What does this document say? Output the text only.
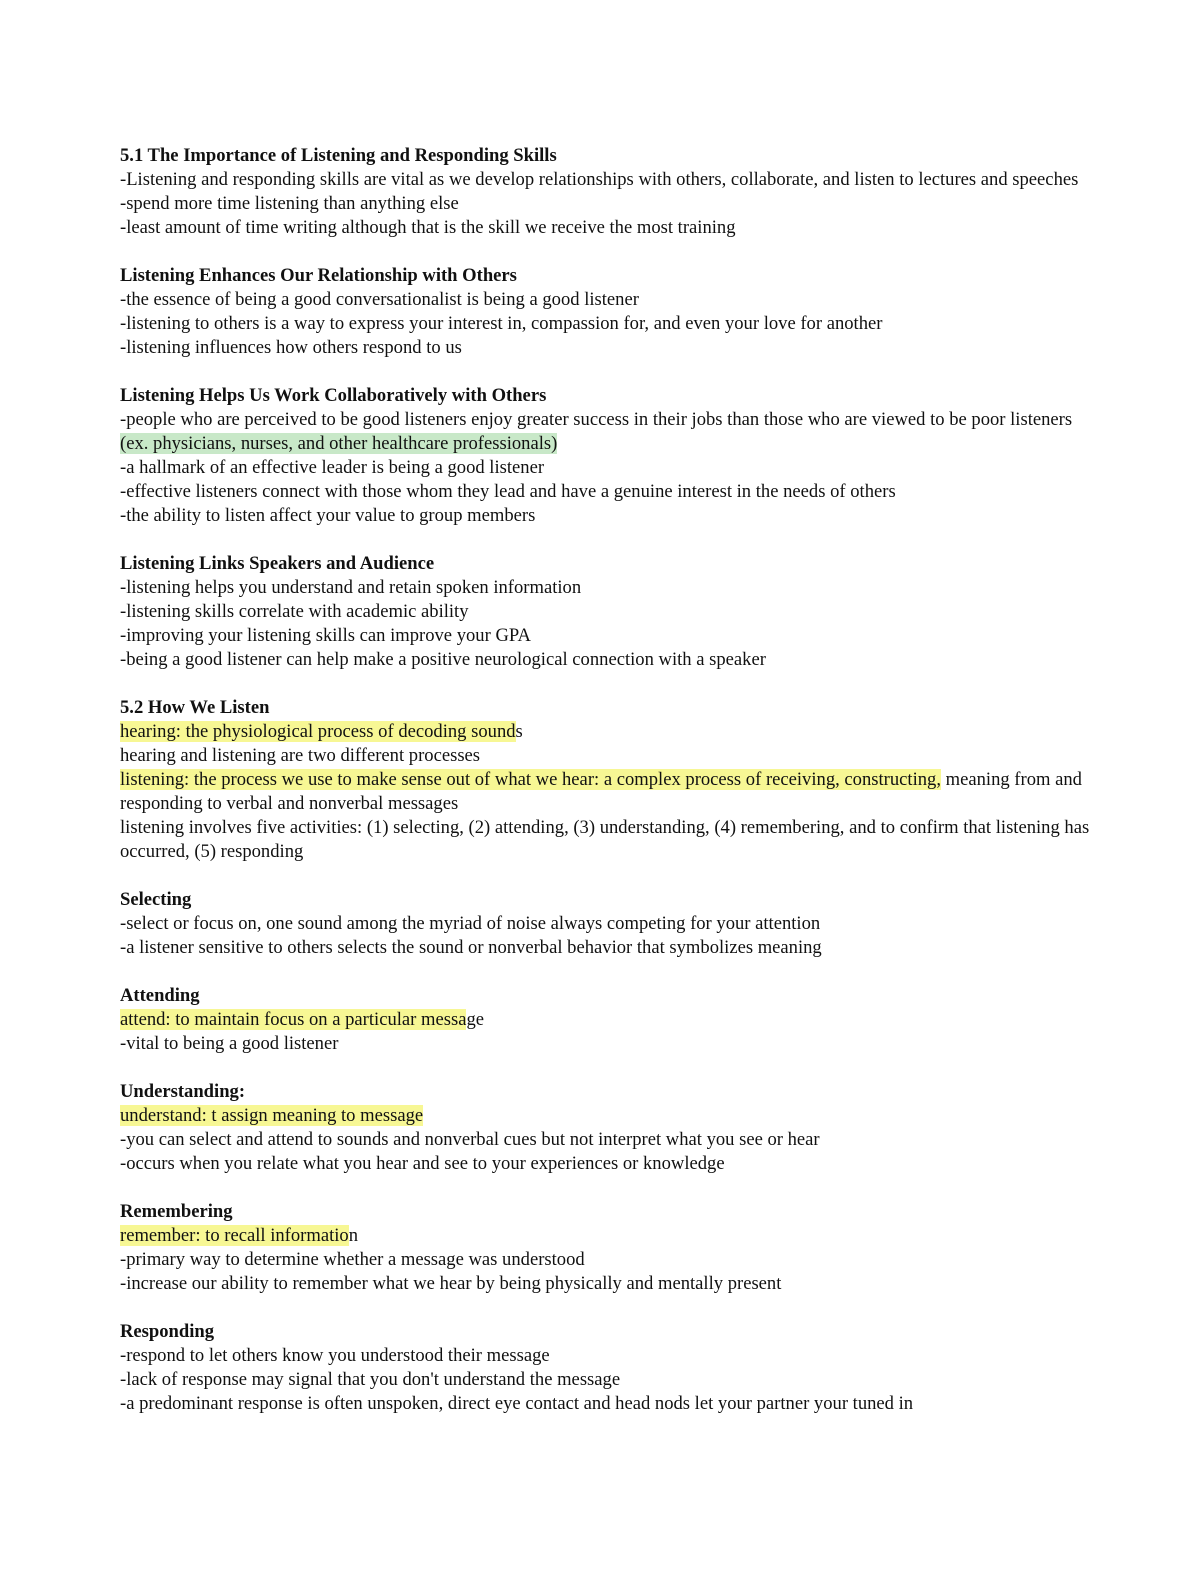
5.1 The Importance of Listening and Responding Skills
-Listening and responding skills are vital as we develop relationships with others, collaborate, and listen to lectures and speeches
-spend more time listening than anything else
-least amount of time writing although that is the skill we receive the most training
Listening Enhances Our Relationship with Others
-the essence of being a good conversationalist is being a good listener
-listening to others is a way to express your interest in, compassion for, and even your love for another
-listening influences how others respond to us
Listening Helps Us Work Collaboratively with Others
-people who are perceived to be good listeners enjoy greater success in their jobs than those who are viewed to be poor listeners (ex. physicians, nurses, and other healthcare professionals)
-a hallmark of an effective leader is being a good listener
-effective listeners connect with those whom they lead and have a genuine interest in the needs of others
-the ability to listen affect your value to group members
Listening Links Speakers and Audience
-listening helps you understand and retain spoken information
-listening skills correlate with academic ability
-improving your listening skills can improve your GPA
-being a good listener can help make a positive neurological connection with a speaker
5.2 How We Listen
hearing: the physiological process of decoding sounds
hearing and listening are two different processes
listening: the process we use to make sense out of what we hear: a complex process of receiving, constructing, meaning from and responding to verbal and nonverbal messages
listening involves five activities: (1) selecting, (2) attending, (3) understanding, (4) remembering, and to confirm that listening has occurred, (5) responding
Selecting
-select or focus on, one sound among the myriad of noise always competing for your attention
-a listener sensitive to others selects the sound or nonverbal behavior that symbolizes meaning
Attending
attend: to maintain focus on a particular message
-vital to being a good listener
Understanding:
understand: t assign meaning to message
-you can select and attend to sounds and nonverbal cues but not interpret what you see or hear
-occurs when you relate what you hear and see to your experiences or knowledge
Remembering
remember: to recall information
-primary way to determine whether a message was understood
-increase our ability to remember what we hear by being physically and mentally present
Responding
-respond to let others know you understood their message
-lack of response may signal that you don't understand the message
-a predominant response is often unspoken, direct eye contact and head nods let your partner your tuned in
